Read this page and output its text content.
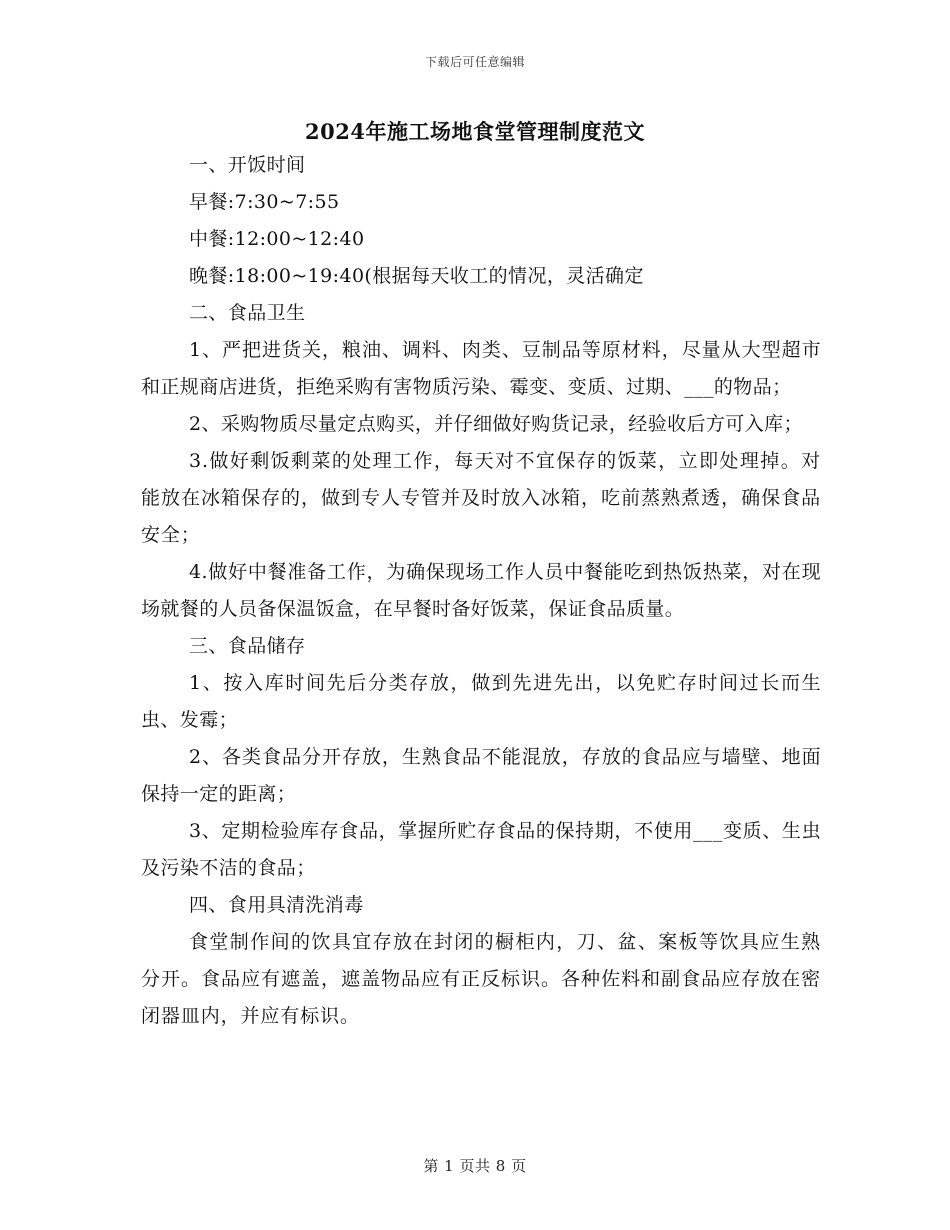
下载后可任意编辑
2024年施工场地食堂管理制度范文

一、开饭时间

早餐:7:30~7:55

中餐:12:00~12:40

晚餐:18:00~19:40(根据每天收工的情况，灵活确定

二、食品卫生

1、严把进货关，粮油、调料、肉类、豆制品等原材料，尽量从大型超市和正规商店进货，拒绝采购有害物质污染、霉变、变质、过期、___的物品；

2、采购物质尽量定点购买，并仔细做好购货记录，经验收后方可入库；

3.做好剩饭剩菜的处理工作，每天对不宜保存的饭菜，立即处理掉。对能放在冰箱保存的，做到专人专管并及时放入冰箱，吃前蒸熟煮透，确保食品安全；

4.做好中餐准备工作，为确保现场工作人员中餐能吃到热饭热菜，对在现场就餐的人员备保温饭盒，在早餐时备好饭菜，保证食品质量。

三、食品储存

1、按入库时间先后分类存放，做到先进先出，以免贮存时间过长而生虫、发霉；

2、各类食品分开存放，生熟食品不能混放，存放的食品应与墙壁、地面保持一定的距离；

3、定期检验库存食品，掌握所贮存食品的保持期，不使用___变质、生虫及污染不洁的食品；

四、食用具清洗消毒

食堂制作间的饮具宜存放在封闭的橱柜内，刀、盆、案板等饮具应生熟分开。食品应有遮盖，遮盖物品应有正反标识。各种佐料和副食品应存放在密闭器皿内，并应有标识。

第 1 页共 8 页
